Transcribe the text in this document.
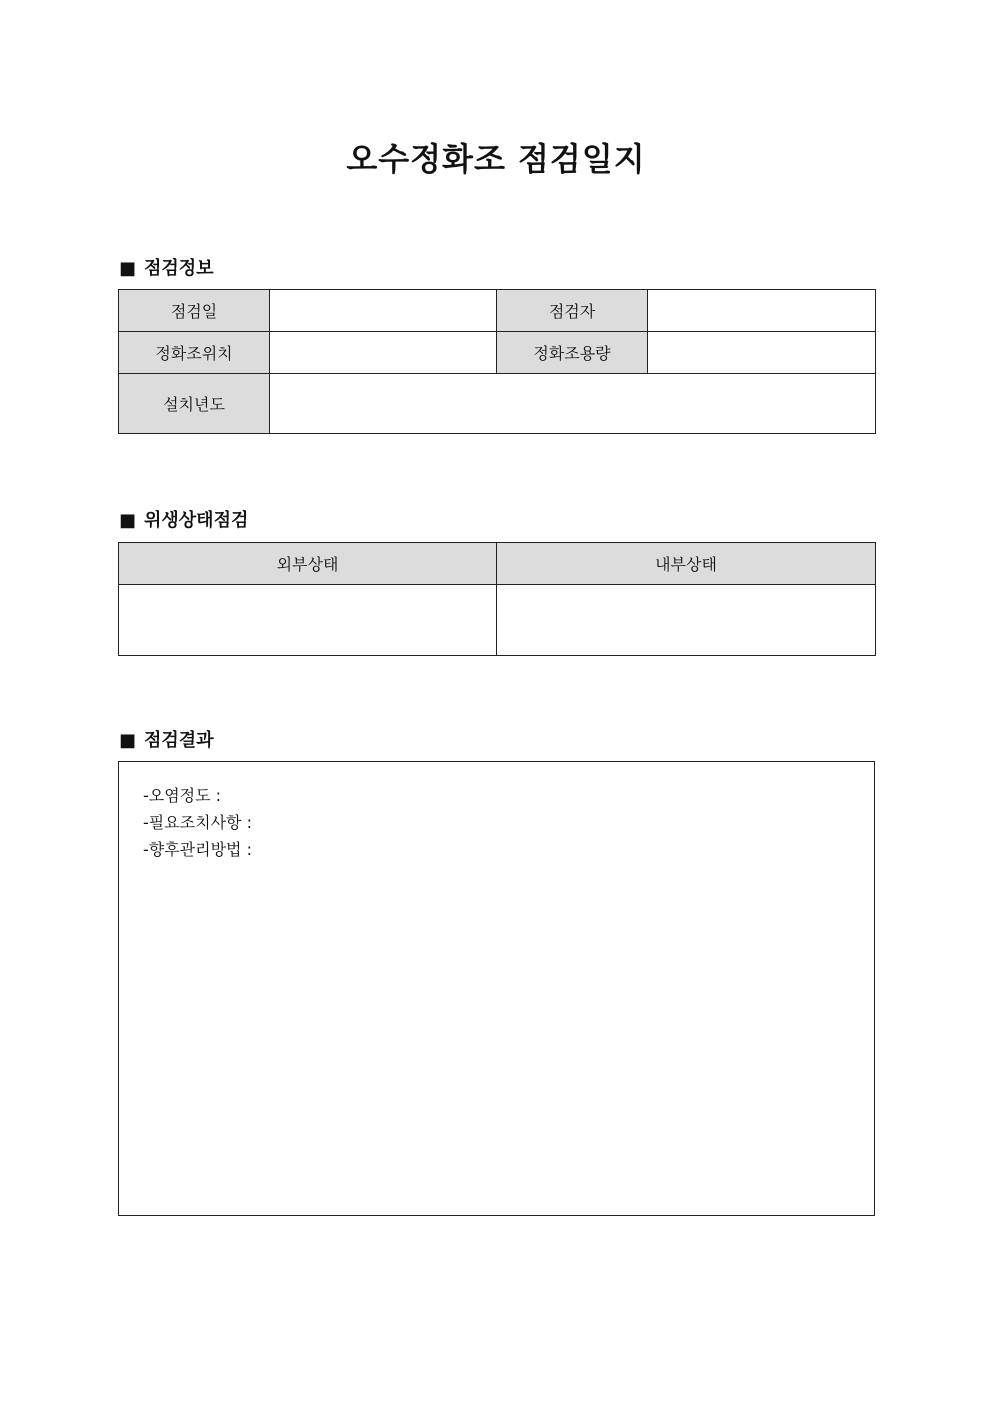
오수정화조 점검일지
■ 점검정보
점검일		점검자	
정화조위치		정화조용량	
설치년도			
■ 위생상태점검
외부상태	내부상태

■ 점검결과
-오염정도 :
-필요조치사항 :
-향후관리방법 :
